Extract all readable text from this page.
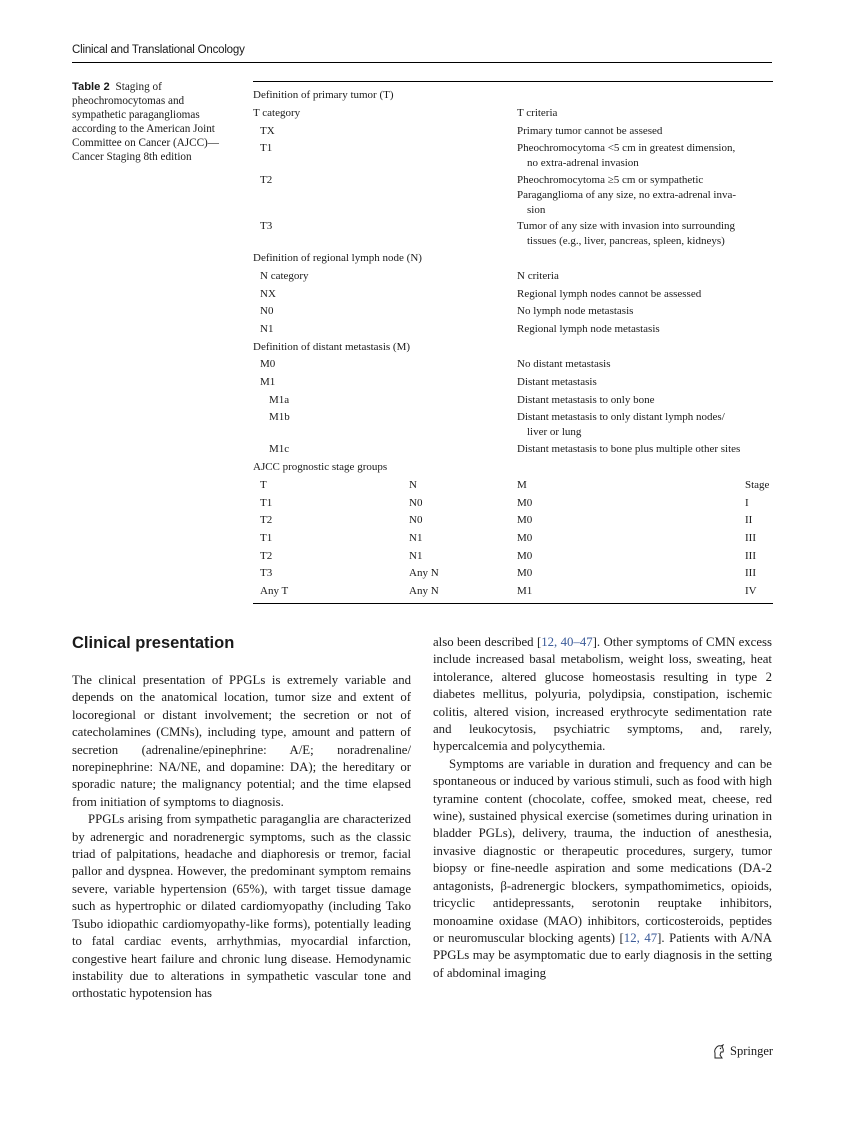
Clinical and Translational Oncology
Table 2 Staging of pheochromocytomas and sympathetic paragangliomas according to the American Joint Committee on Cancer (AJCC)—Cancer Staging 8th edition
Definition of primary tumor (T)
T category	T criteria
TX	Primary tumor cannot be assesed
T1	Pheochromocytoma <5 cm in greatest dimension,
no extra-adrenal invasion
T2	Pheochromocytoma ≥5 cm or sympathetic
Paraganglioma of any size, no extra-adrenal inva-
sion
T3	Tumor of any size with invasion into surrounding
tissues (e.g., liver, pancreas, spleen, kidneys)
Definition of regional lymph node (N)
N category	N criteria
NX	Regional lymph nodes cannot be assessed
N0	No lymph node metastasis
N1	Regional lymph node metastasis
Definition of distant metastasis (M)
M0	No distant metastasis
M1	Distant metastasis
M1a	Distant metastasis to only bone
M1b	Distant metastasis to only distant lymph nodes/
liver or lung
M1c	Distant metastasis to bone plus multiple other sites
AJCC prognostic stage groups
T	N	M	Stage
T1	N0	M0	I
T2	N0	M0	II
T1	N1	M0	III
T2	N1	M0	III
T3	Any N	M0	III
Any T	Any N	M1	IV
Clinical presentation

The clinical presentation of PPGLs is extremely variable and depends on the anatomical location, tumor size and extent of locoregional or distant involvement; the secretion or not of catecholamines (CMNs), including type, amount and pattern of secretion (adrenaline/epinephrine: A/E; noradrenaline/ norepinephrine: NA/NE, and dopamine: DA); the hereditary or sporadic nature; the malignancy potential; and the time elapsed from initiation of symptoms to diagnosis.

PPGLs arising from sympathetic paraganglia are characterized by adrenergic and noradrenergic symptoms, such as the classic triad of palpitations, headache and diaphoresis or tremor, facial pallor and dyspnea. However, the predominant symptom remains severe, variable hypertension (65%), with target tissue damage such as hypertrophic or dilated cardiomyopathy (including Tako Tsubo idiopathic cardiomyopathy-like forms), potentially leading to fatal cardiac events, arrhythmias, myocardial infarction, congestive heart failure and chronic lung disease. Hemodynamic instability due to alterations in sympathetic vascular tone and orthostatic hypotension has

also been described [12, 40–47]. Other symptoms of CMN excess include increased basal metabolism, weight loss, sweating, heat intolerance, altered glucose homeostasis resulting in type 2 diabetes mellitus, polyuria, polydipsia, constipation, ischemic colitis, altered vision, increased erythrocyte sedimentation rate and leukocytosis, psychiatric symptoms, and, rarely, hypercalcemia and polycythemia.

Symptoms are variable in duration and frequency and can be spontaneous or induced by various stimuli, such as food with high tyramine content (chocolate, coffee, smoked meat, cheese, red wine), sustained physical exercise (sometimes during urination in bladder PGLs), delivery, trauma, the induction of anesthesia, invasive diagnostic or therapeutic procedures, surgery, tumor biopsy or fine-needle aspiration and some medications (DA-2 antagonists, β-adrenergic blockers, sympathomimetics, opioids, tricyclic antidepressants, serotonin reuptake inhibitors, monoamine oxidase (MAO) inhibitors, corticosteroids, peptides or neuromuscular blocking agents) [12, 47]. Patients with A/NA PPGLs may be asymptomatic due to early diagnosis in the setting of abdominal imaging

Springer
